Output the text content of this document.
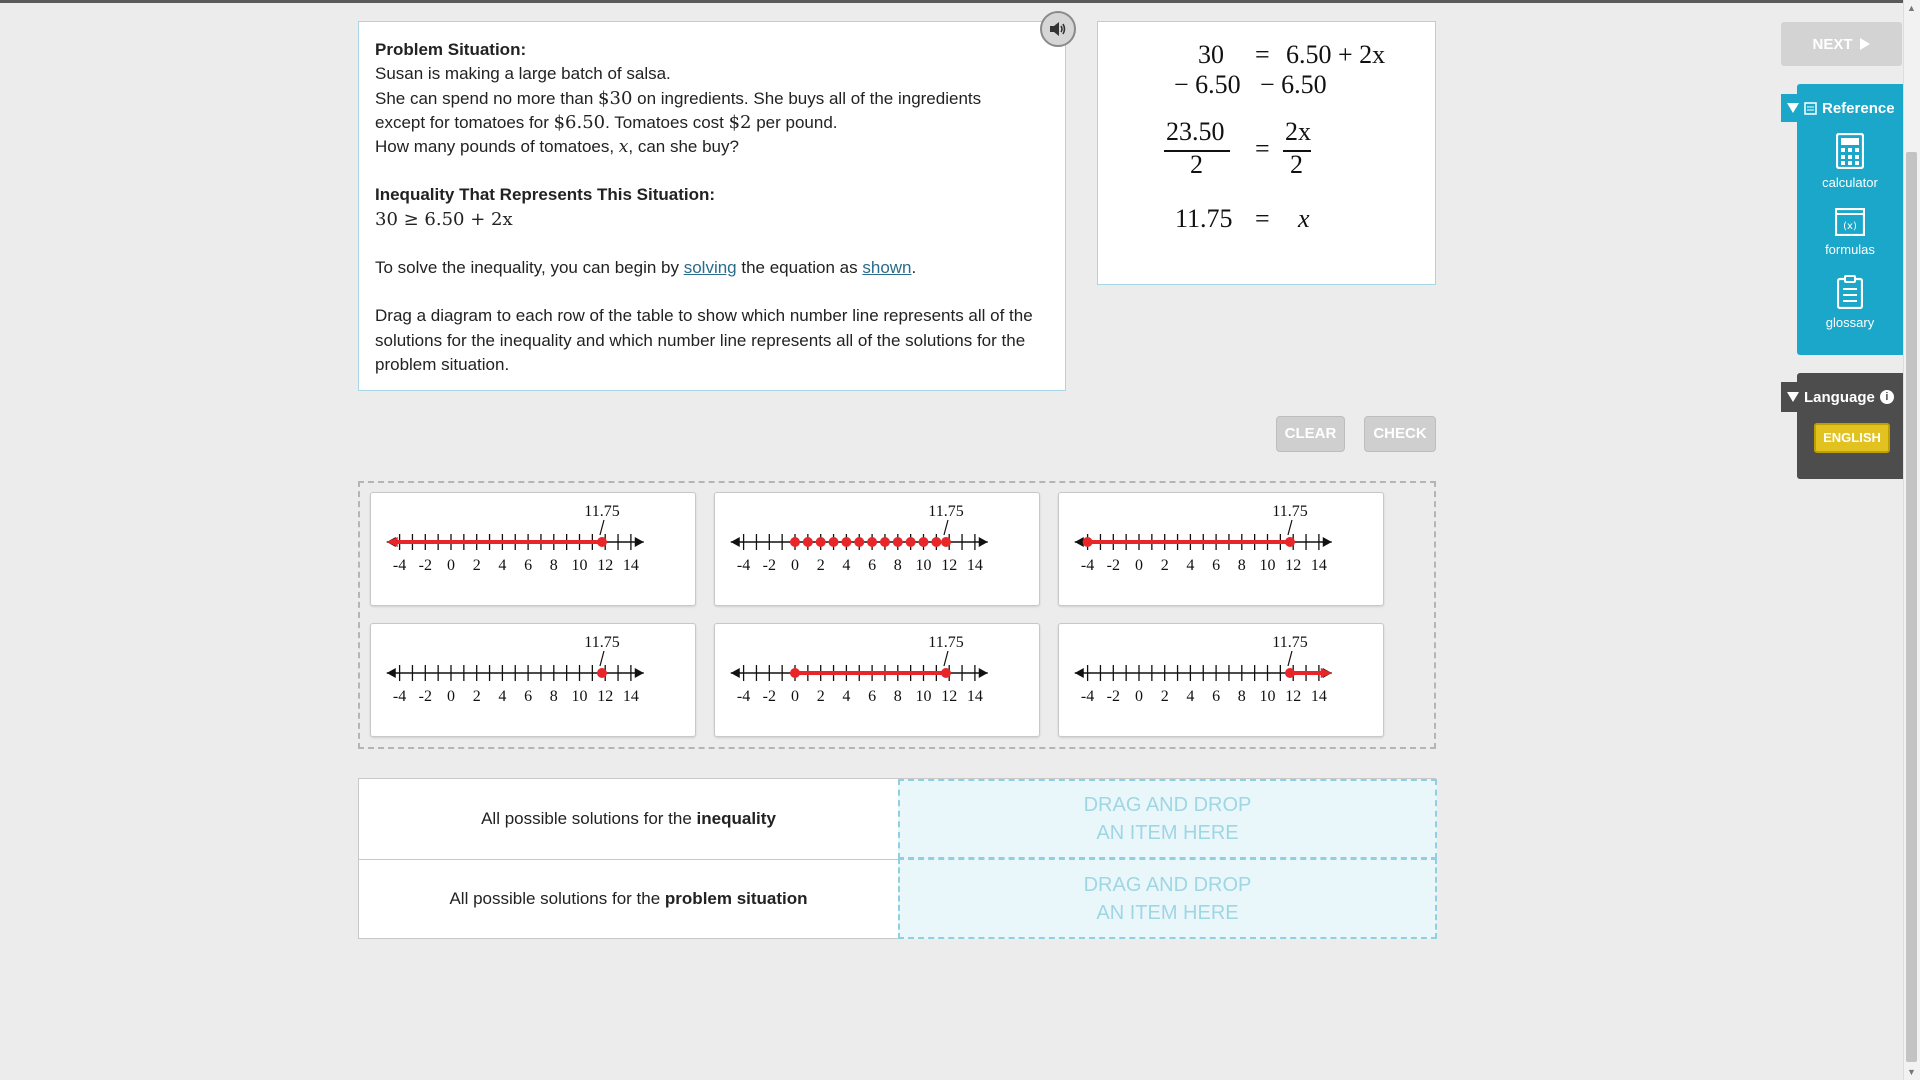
Problem Situation:

Susan is making a large batch of salsa.

She can spend no more than $30 on ingredients. She buys all of the ingredients

except for tomatoes for $6.50. Tomatoes cost $2 per pound.

How many pounds of tomatoes, x, can she buy?

Inequality That Represents This Situation:

30 ≥ 6.50 + 2x

To solve the inequality, you can begin by solving the equation as shown.

Drag a diagram to each row of the table to show which number line represents all of the solutions for the inequality and which number line represents all of the solutions for the problem situation.

30 = 6.50 + 2x
− 6.50 − 6.50
23.50
2
=
2x
2
11.75 = x
CLEAR	CHECK
-4 -2 0 2 4 6 8 10 12 14
11.75
-4 -2 0 2 4 6 8 10 12 14
11.75
-4 -2 0 2 4 6 8 10 12 14
11.75
-4 -2 0 2 4 6 8 10 12 14
11.75
-4 -2 0 2 4 6 8 10 12 14
11.75
-4 -2 0 2 4 6 8 10 12 14
11.75
All possible solutions for the
inequality
DRAG AND DROP
AN ITEM HERE
All possible solutions for the
problem situation
DRAG AND DROP
AN ITEM HERE
NEXT
Reference
calculator
(x)
formulas
glossary
Language i
ENGLISH
▲
▼
